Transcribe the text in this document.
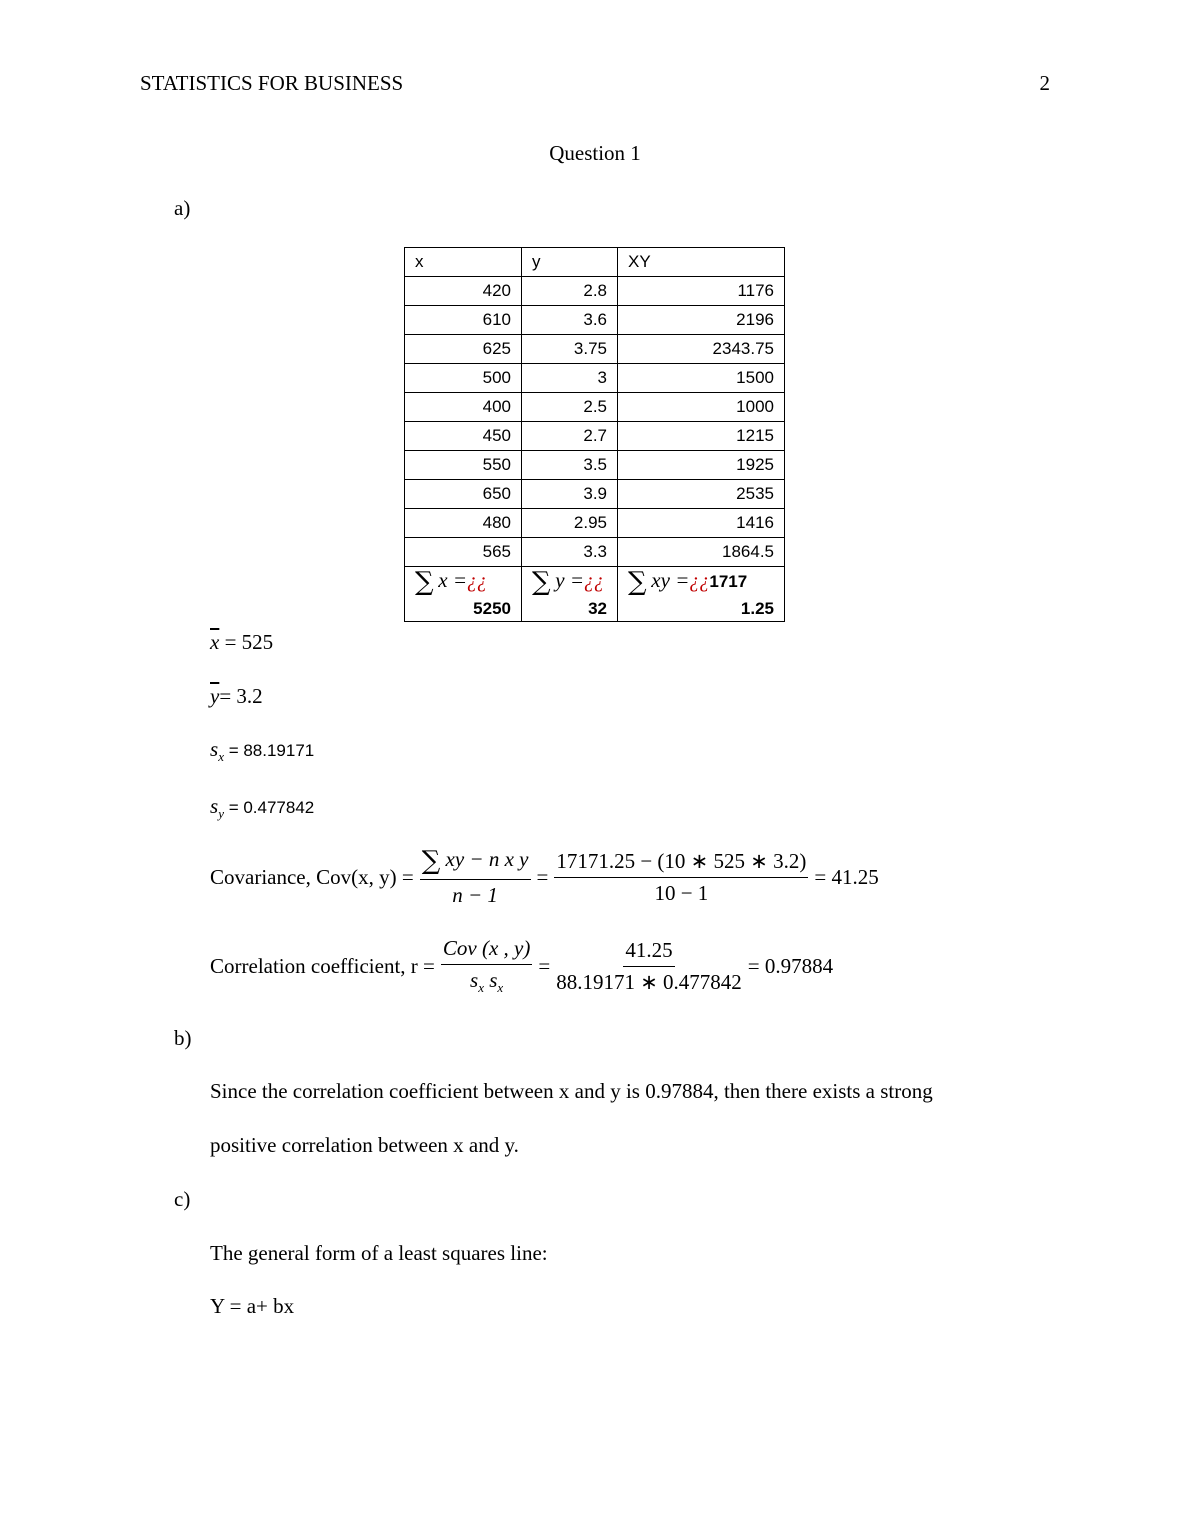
STATISTICS FOR BUSINESS	2
Question 1
a)
x	y	XY
420	2.8	1176
610	3.6	2196
625	3.75	2343.75
500	3	1500
400	2.5	1000
450	2.7	1215
550	3.5	1925
650	3.9	2535
480	2.95	1416
565	3.3	1864.5

∑ x =¿¿	∑ y =¿¿	∑ xy =¿¿1717

5250	32	1.25
$\overline{x} = 525$
$\overline{y}= 3.2$
$s_x = 88.19171$
$s_y = 0.477842$
Covariance, Cov(x, $y) = \frac{\text{∑ xy − n x y}}{n - 1} = \frac{17171.25 - (10 ∗ 525 ∗ 3.2)}{10 - 1} = 41.25$
Correlation coefficient, $r = \frac{\text{Cov (x , y)}}{s_x s_x} = \frac{41.25}{88.19171 ∗ 0.477842} = 0.97884$
b)
Since the correlation coefficient between x and y is 0.97884, then there exists a strong
positive correlation between x and y.
c)
The general form of a least squares line:
Y = a+ bx
